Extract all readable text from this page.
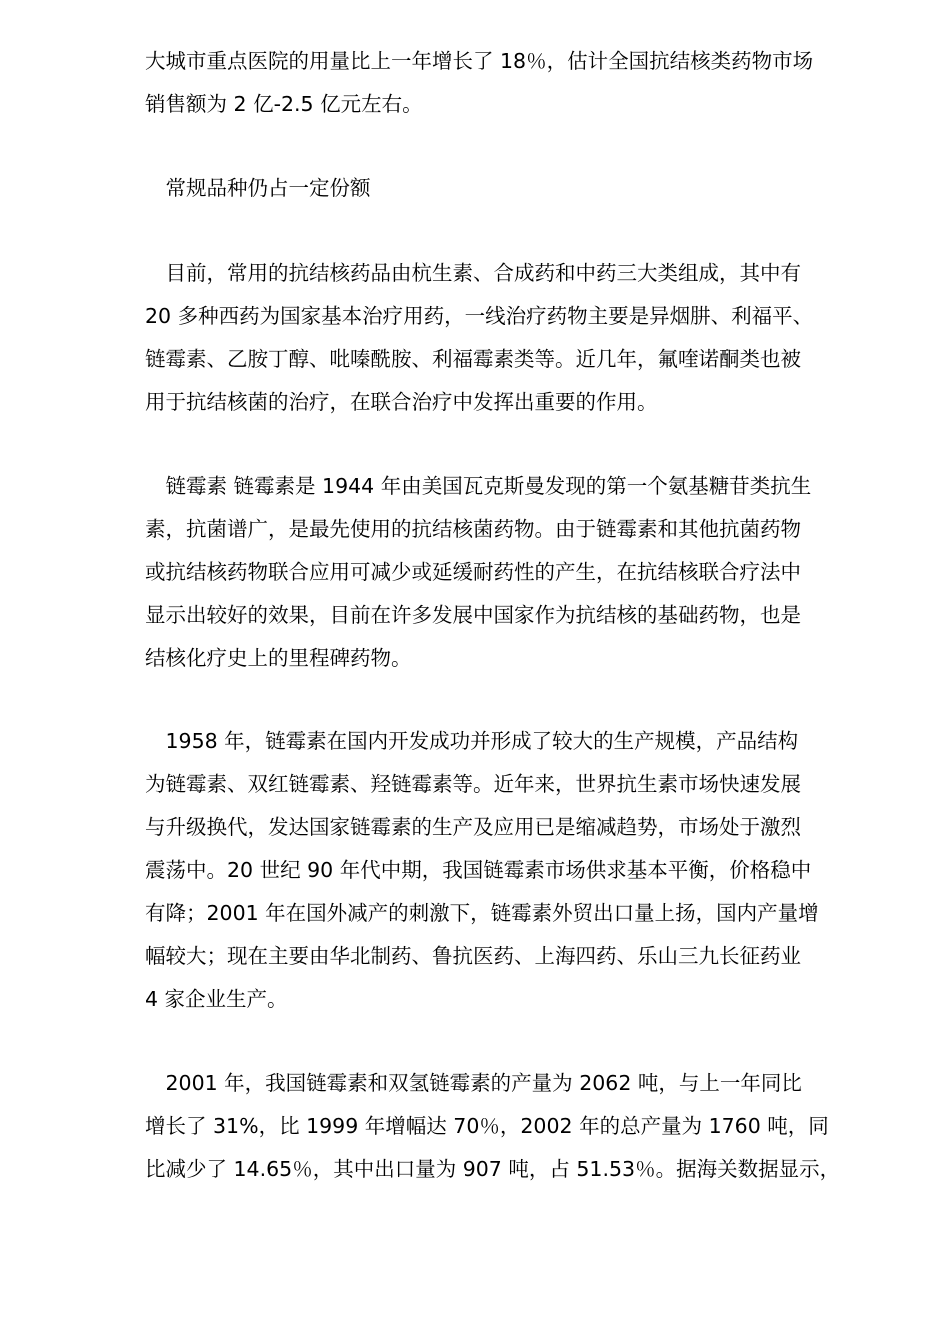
大城市重点医院的用量比上一年增长了 18％，估计全国抗结核类药物市场
销售额为 2 亿-2.5 亿元左右。
　常规品种仍占一定份额
　目前，常用的抗结核药品由杭生素、合成药和中药三大类组成，其中有
20 多种西药为国家基本治疗用药，一线治疗药物主要是异烟肼、利福平、
链霉素、乙胺丁醇、吡嗪酰胺、利福霉素类等。近几年，氟喹诺酮类也被
用于抗结核菌的治疗，在联合治疗中发挥出重要的作用。
　链霉素 链霉素是 1944 年由美国瓦克斯曼发现的第一个氨基糖苷类抗生
素，抗菌谱广，是最先使用的抗结核菌药物。由于链霉素和其他抗菌药物
或抗结核药物联合应用可减少或延缓耐药性的产生，在抗结核联合疗法中
显示出较好的效果，目前在许多发展中国家作为抗结核的基础药物，也是
结核化疗史上的里程碑药物。
　1958 年，链霉素在国内开发成功并形成了较大的生产规模，产品结构
为链霉素、双红链霉素、羟链霉素等。近年来，世界抗生素市场快速发展
与升级换代，发达国家链霉素的生产及应用已是缩减趋势，市场处于激烈
震荡中。20 世纪 90 年代中期，我国链霉素市场供求基本平衡，价格稳中
有降；2001 年在国外减产的刺激下，链霉素外贸出口量上扬，国内产量增
幅较大；现在主要由华北制药、鲁抗医药、上海四药、乐山三九长征药业
4 家企业生产。
　2001 年，我国链霉素和双氢链霉素的产量为 2062 吨，与上一年同比
增长了 31%，比 1999 年增幅达 70％，2002 年的总产量为 1760 吨，同
比减少了 14.65％，其中出口量为 907 吨，占 51.53％。据海关数据显示，
